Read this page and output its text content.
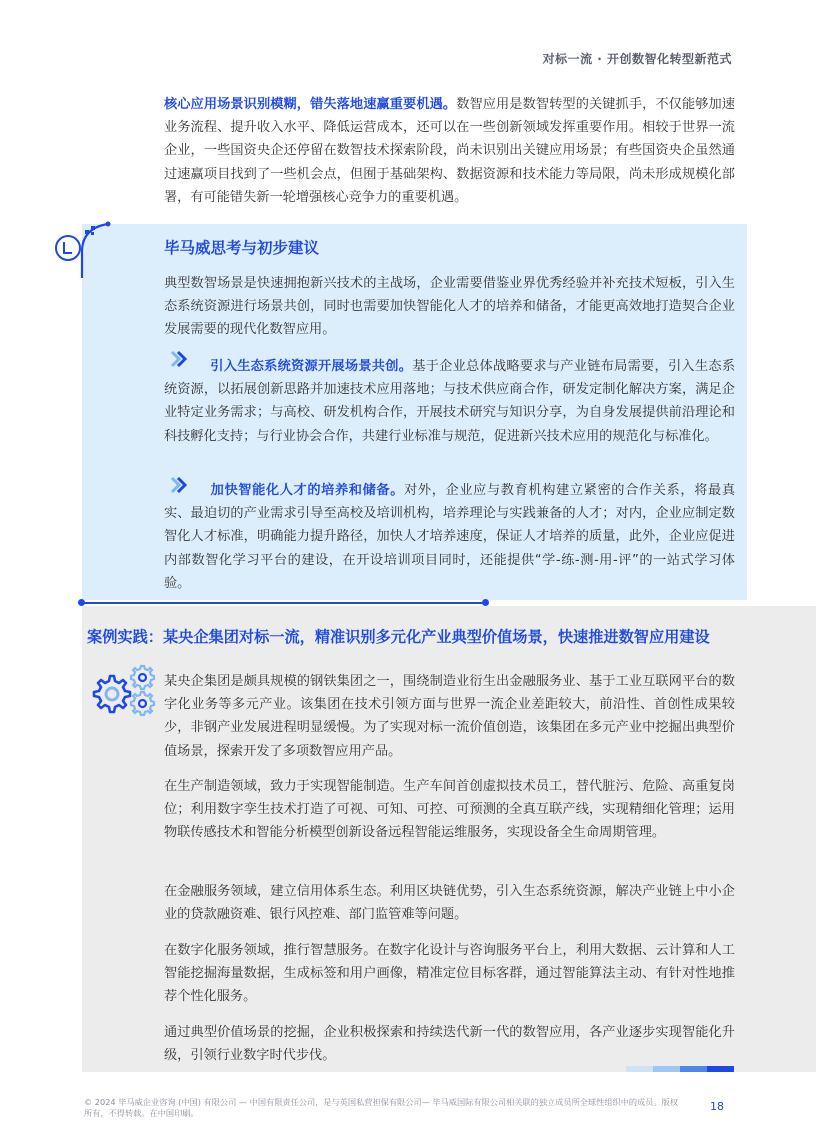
对标一流 · 开创数智化转型新范式

核心应用场景识别模糊，错失落地速赢重要机遇。数智应用是数智转型的关键抓手，不仅能够加速业务流程、提升收入水平、降低运营成本，还可以在一些创新领域发挥重要作用。相较于世界一流企业，一些国资央企还停留在数智技术探索阶段，尚未识别出关键应用场景；有些国资央企虽然通过速赢项目找到了一些机会点，但囿于基础架构、数据资源和技术能力等局限，尚未形成规模化部署，有可能错失新一轮增强核心竞争力的重要机遇。

毕马威思考与初步建议

典型数智场景是快速拥抱新兴技术的主战场，企业需要借鉴业界优秀经验并补充技术短板，引入生态系统资源进行场景共创，同时也需要加快智能化人才的培养和储备，才能更高效地打造契合企业发展需要的现代化数智应用。

引入生态系统资源开展场景共创。基于企业总体战略要求与产业链布局需要，引入生态系统资源，以拓展创新思路并加速技术应用落地；与技术供应商合作，研发定制化解决方案，满足企业特定业务需求；与高校、研发机构合作，开展技术研究与知识分享，为自身发展提供前沿理论和科技孵化支持；与行业协会合作，共建行业标准与规范，促进新兴技术应用的规范化与标准化。

加快智能化人才的培养和储备。对外，企业应与教育机构建立紧密的合作关系，将最真实、最迫切的产业需求引导至高校及培训机构，培养理论与实践兼备的人才；对内，企业应制定数智化人才标准，明确能力提升路径，加快人才培养速度，保证人才培养的质量，此外，企业应促进内部数智化学习平台的建设，在开设培训项目同时，还能提供“学-练-测-用-评”的一站式学习体验。

案例实践：某央企集团对标一流，精准识别多元化产业典型价值场景，快速推进数智应用建设

某央企集团是颇具规模的钢铁集团之一，围绕制造业衍生出金融服务业、基于工业互联网平台的数字化业务等多元产业。该集团在技术引领方面与世界一流企业差距较大，前沿性、首创性成果较少，非钢产业发展进程明显缓慢。为了实现对标一流价值创造，该集团在多元产业中挖掘出典型价值场景，探索开发了多项数智应用产品。

在生产制造领域，致力于实现智能制造。生产车间首创虚拟技术员工，替代脏污、危险、高重复岗位；利用数字孪生技术打造了可视、可知、可控、可预测的全真互联产线，实现精细化管理；运用物联传感技术和智能分析模型创新设备远程智能运维服务，实现设备全生命周期管理。

在金融服务领域，建立信用体系生态。利用区块链优势，引入生态系统资源，解决产业链上中小企业的贷款融资难、银行风控难、部门监管难等问题。

在数字化服务领域，推行智慧服务。在数字化设计与咨询服务平台上，利用大数据、云计算和人工智能挖掘海量数据，生成标签和用户画像，精准定位目标客群，通过智能算法主动、有针对性地推荐个性化服务。

通过典型价值场景的挖掘，企业积极探索和持续迭代新一代的数智应用，各产业逐步实现智能化升级，引领行业数字时代步伐。

© 2024 毕马威企业咨询 (中国) 有限公司 — 中国有限责任公司，是与英国私营担保有限公司— 毕马威国际有限公司相关联的独立成员所全球性组织中的成员。版权所有，不得转载。在中国印刷。	18
